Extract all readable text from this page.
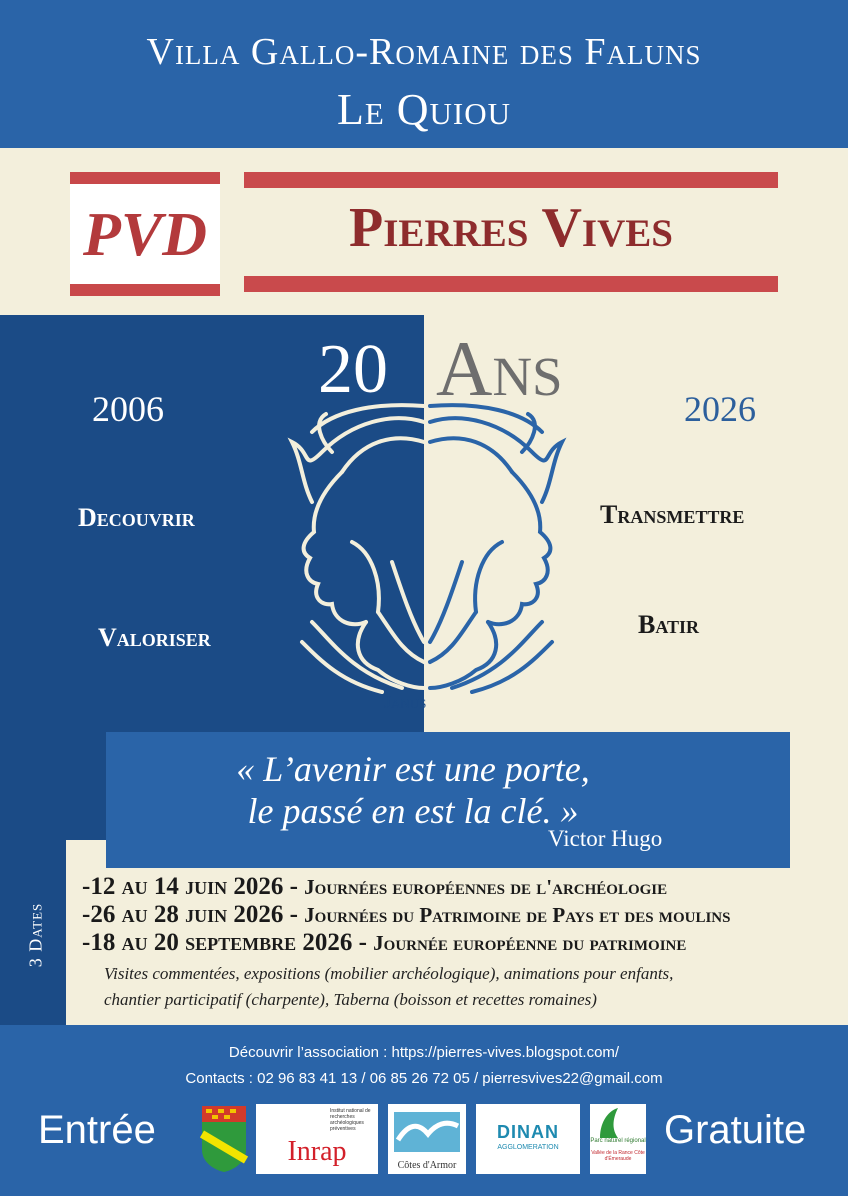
Villa Gallo-Romaine des Faluns
Le Quiou
PVD	Pierres Vives
20 Ans
2006	2026
Decouvrir
Valoriser
Transmettre
Batir
Janus
« L’avenir est une porte,
le passé en est la clé. »
Victor Hugo
3 Dates
-12 au 14 juin 2026 - Journées européennes de l'archéologie
-26 au 28 juin 2026 - Journées du Patrimoine de Pays et des moulins
-18 au 20 septembre 2026 - Journée européenne du patrimoine
Visites commentées, expositions (mobilier archéologique), animations pour enfants,
chantier participatif (charpente), Taberna (boisson et recettes romaines)
Découvrir l’association : https://pierres-vives.blogspot.com/
Contacts : 02 96 83 41 13 / 06 85 26 72 05 / pierresvives22@gmail.com
Entrée	Gratuite
Inrap
Institut national de recherches archéologiques préventives
Côtes d'Armor
DINAN
AGGLOMERATION
Parc naturel régional
Vallée de la Rance Côte d'Émeraude
